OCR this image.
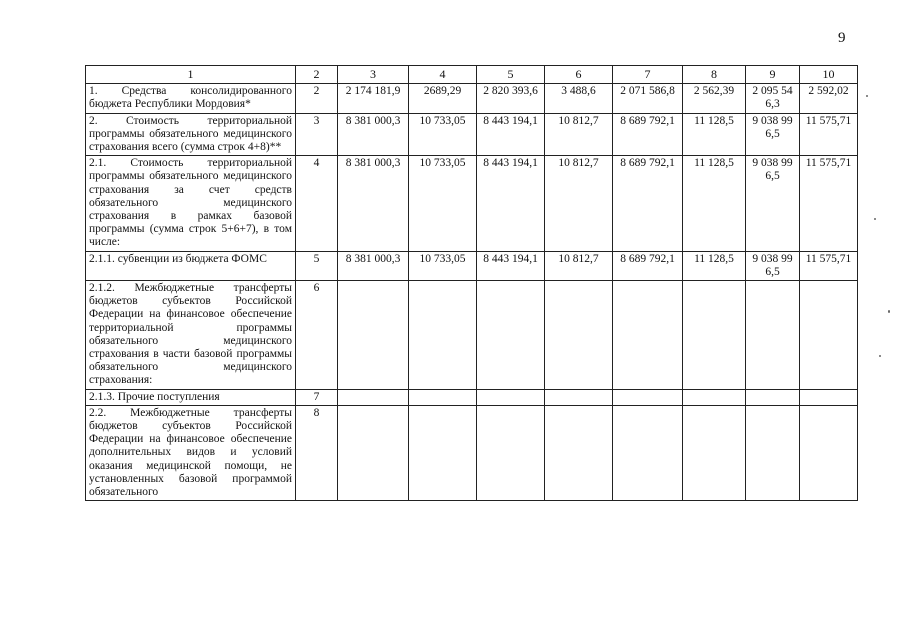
9
1	2	3	4	5	6	7	8	9	10
1. Средства консолидированного бюджета Республики Мордовия*	2	2 174 181,9	2689,29	2 820 393,6	3 488,6	2 071 586,8	2 562,39	2 095 546,3	2 592,02
2. Стоимость территориальной программы обязательного медицинского страхования всего (сумма строк 4+8)**	3	8 381 000,3	10 733,05	8 443 194,1	10 812,7	8 689 792,1	11 128,5	9 038 996,5	11 575,71
2.1. Стоимость территориальной программы обязательного медицинского страхования за счет средств обязательного медицинского страхования в рамках базовой программы (сумма строк 5+6+7), в том числе:	4	8 381 000,3	10 733,05	8 443 194,1	10 812,7	8 689 792,1	11 128,5	9 038 996,5	11 575,71
2.1.1. субвенции из бюджета ФОМС	5	8 381 000,3	10 733,05	8 443 194,1	10 812,7	8 689 792,1	11 128,5	9 038 996,5	11 575,71
2.1.2. Межбюджетные трансферты бюджетов субъектов Российской Федерации на финансовое обеспечение территориальной программы обязательного медицинского страхования в части базовой программы обязательного медицинского страхования:	6								
2.1.3. Прочие поступления	7								
2.2. Межбюджетные трансферты бюджетов субъектов Российской Федерации на финансовое обеспечение дополнительных видов и условий оказания медицинской помощи, не установленных базовой программой обязательного	8								
